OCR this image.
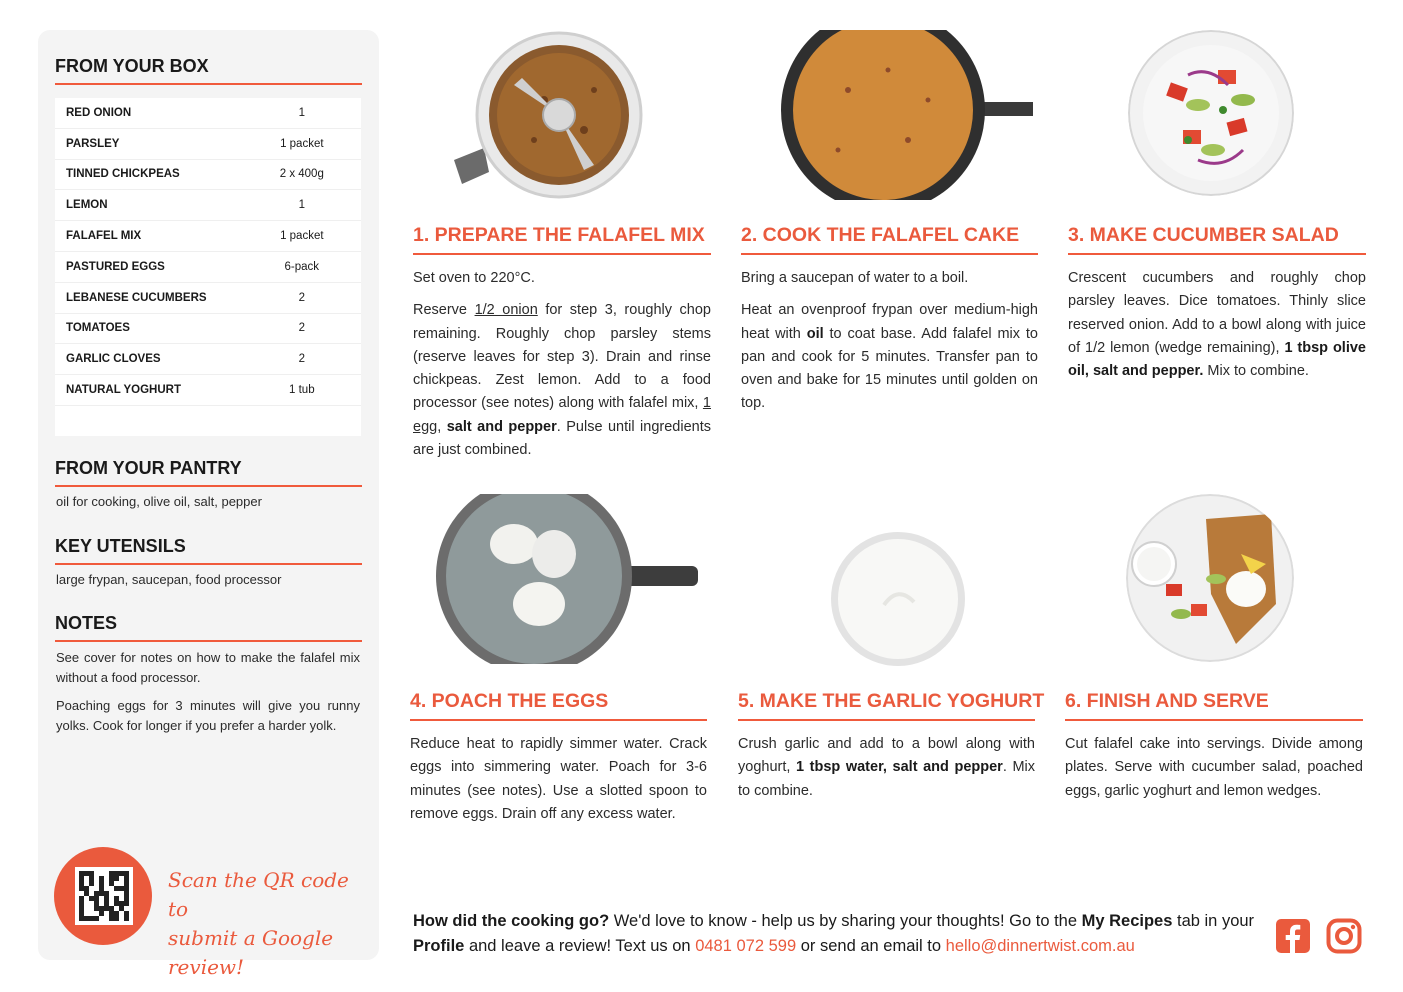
FROM YOUR BOX
RED ONION	1
PARSLEY	1 packet
TINNED CHICKPEAS	2 x 400g
LEMON	1
FALAFEL MIX	1 packet
PASTURED EGGS	6-pack
LEBANESE CUCUMBERS	2
TOMATOES	2
GARLIC CLOVES	2
NATURAL YOGHURT	1 tub
FROM YOUR PANTRY
oil for cooking, olive oil, salt, pepper
KEY UTENSILS
large frypan, saucepan, food processor
NOTES

See cover for notes on how to make the falafel mix without a food processor.

Poaching eggs for 3 minutes will give you runny yolks. Cook for longer if you prefer a harder yolk.

Scan the QR code to
submit a Google review!
1. PREPARE THE FALAFEL MIX

Set oven to 220°C.

Reserve 1/2 onion for step 3, roughly chop remaining. Roughly chop parsley stems (reserve leaves for step 3). Drain and rinse chickpeas. Zest lemon. Add to a food processor (see notes) along with falafel mix, 1 egg, salt and pepper. Pulse until ingredients are just combined.

2. COOK THE FALAFEL CAKE

Bring a saucepan of water to a boil.

Heat an ovenproof frypan over medium-high heat with oil to coat base. Add falafel mix to pan and cook for 5 minutes. Transfer pan to oven and bake for 15 minutes until golden on top.

3. MAKE CUCUMBER SALAD

Crescent cucumbers and roughly chop parsley leaves. Dice tomatoes. Thinly slice reserved onion. Add to a bowl along with juice of 1/2 lemon (wedge remaining), 1 tbsp olive oil, salt and pepper. Mix to combine.

4. POACH THE EGGS

Reduce heat to rapidly simmer water. Crack eggs into simmering water. Poach for 3-6 minutes (see notes). Use a slotted spoon to remove eggs. Drain off any excess water.

5. MAKE THE GARLIC YOGHURT

Crush garlic and add to a bowl along with yoghurt, 1 tbsp water, salt and pepper. Mix to combine.

6. FINISH AND SERVE

Cut falafel cake into servings. Divide among plates. Serve with cucumber salad, poached eggs, garlic yoghurt and lemon wedges.

How did the cooking go? We'd love to know - help us by sharing your thoughts! Go to the My Recipes tab in your Profile and leave a review! Text us on 0481 072 599 or send an email to hello@dinnertwist.com.au
